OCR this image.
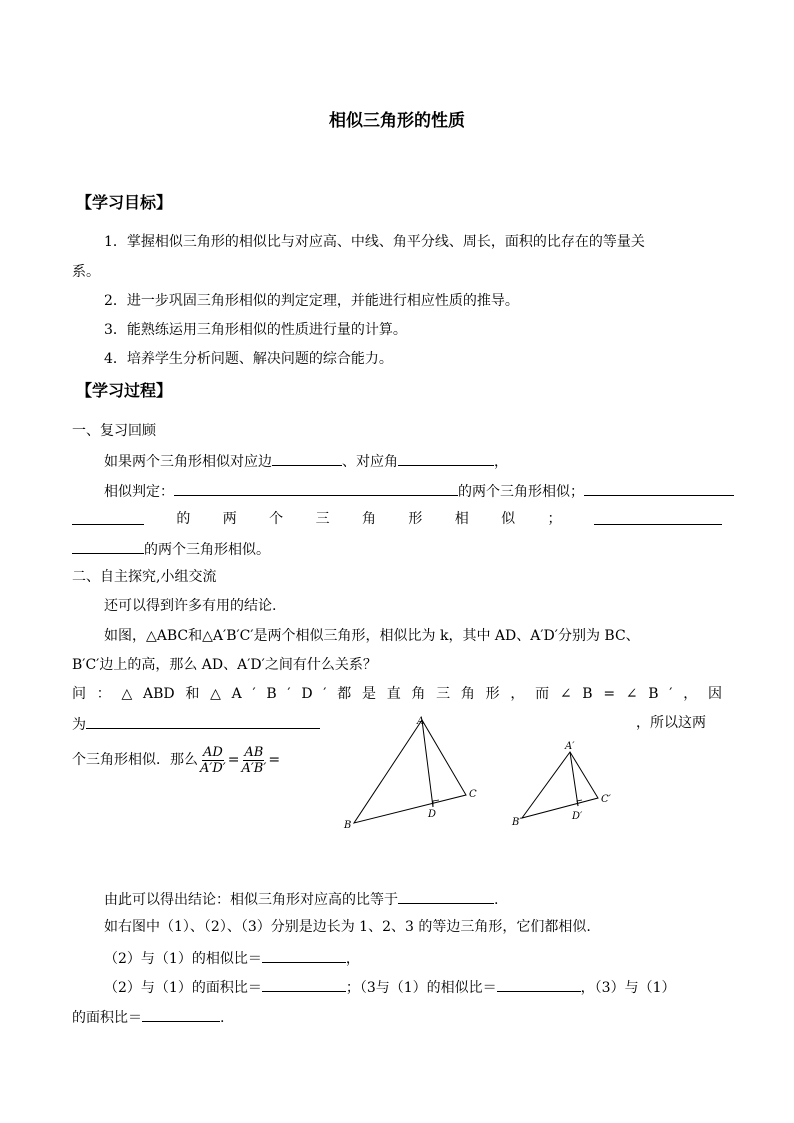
相似三角形的性质
【学习目标】
1．掌握相似三角形的相似比与对应高、中线、角平分线、周长，面积的比存在的等量关
系。
2．进一步巩固三角形相似的判定定理，并能进行相应性质的推导。
3．能熟练运用三角形相似的性质进行量的计算。
4．培养学生分析问题、解决问题的综合能力。
【学习过程】
一、复习回顾
如果两个三角形相似对应边	、对应角	，
相似判定：	的两个三角形相似；
的 两 个 三 角 形 相 似 ；
的两个三角形相似。
二、自主探究,小组交流
还可以得到许多有用的结论.
如图，△ABC和△A′B′C′是两个相似三角形，相似比为 k，其中 AD、A′D′分别为 BC、
B′C′边上的高，那么 AD、A′D′之间有什么关系？
问 ： △ ABD 和 △ A ′ B ′ D ′ 都 是 直 角 三 角 形 ， 而 ∠ B = ∠ B ′ ， 因
为	，所以这两
个三角形相似．那么 $\frac{AD}{A'D'} = \frac{AB}{A'B'}$ =
A
B
C
D
A′
B′
C′
D′
由此可以得出结论：相似三角形对应高的比等于	.
如右图中（1）、（2）、（3）分别是边长为 1、2、3 的等边三角形，它们都相似.
（2）与（1）的相似比＝	，
（2）与（1）的面积比＝	；（3与（1）的相似比＝	，（3）与（1）
的面积比＝	.
